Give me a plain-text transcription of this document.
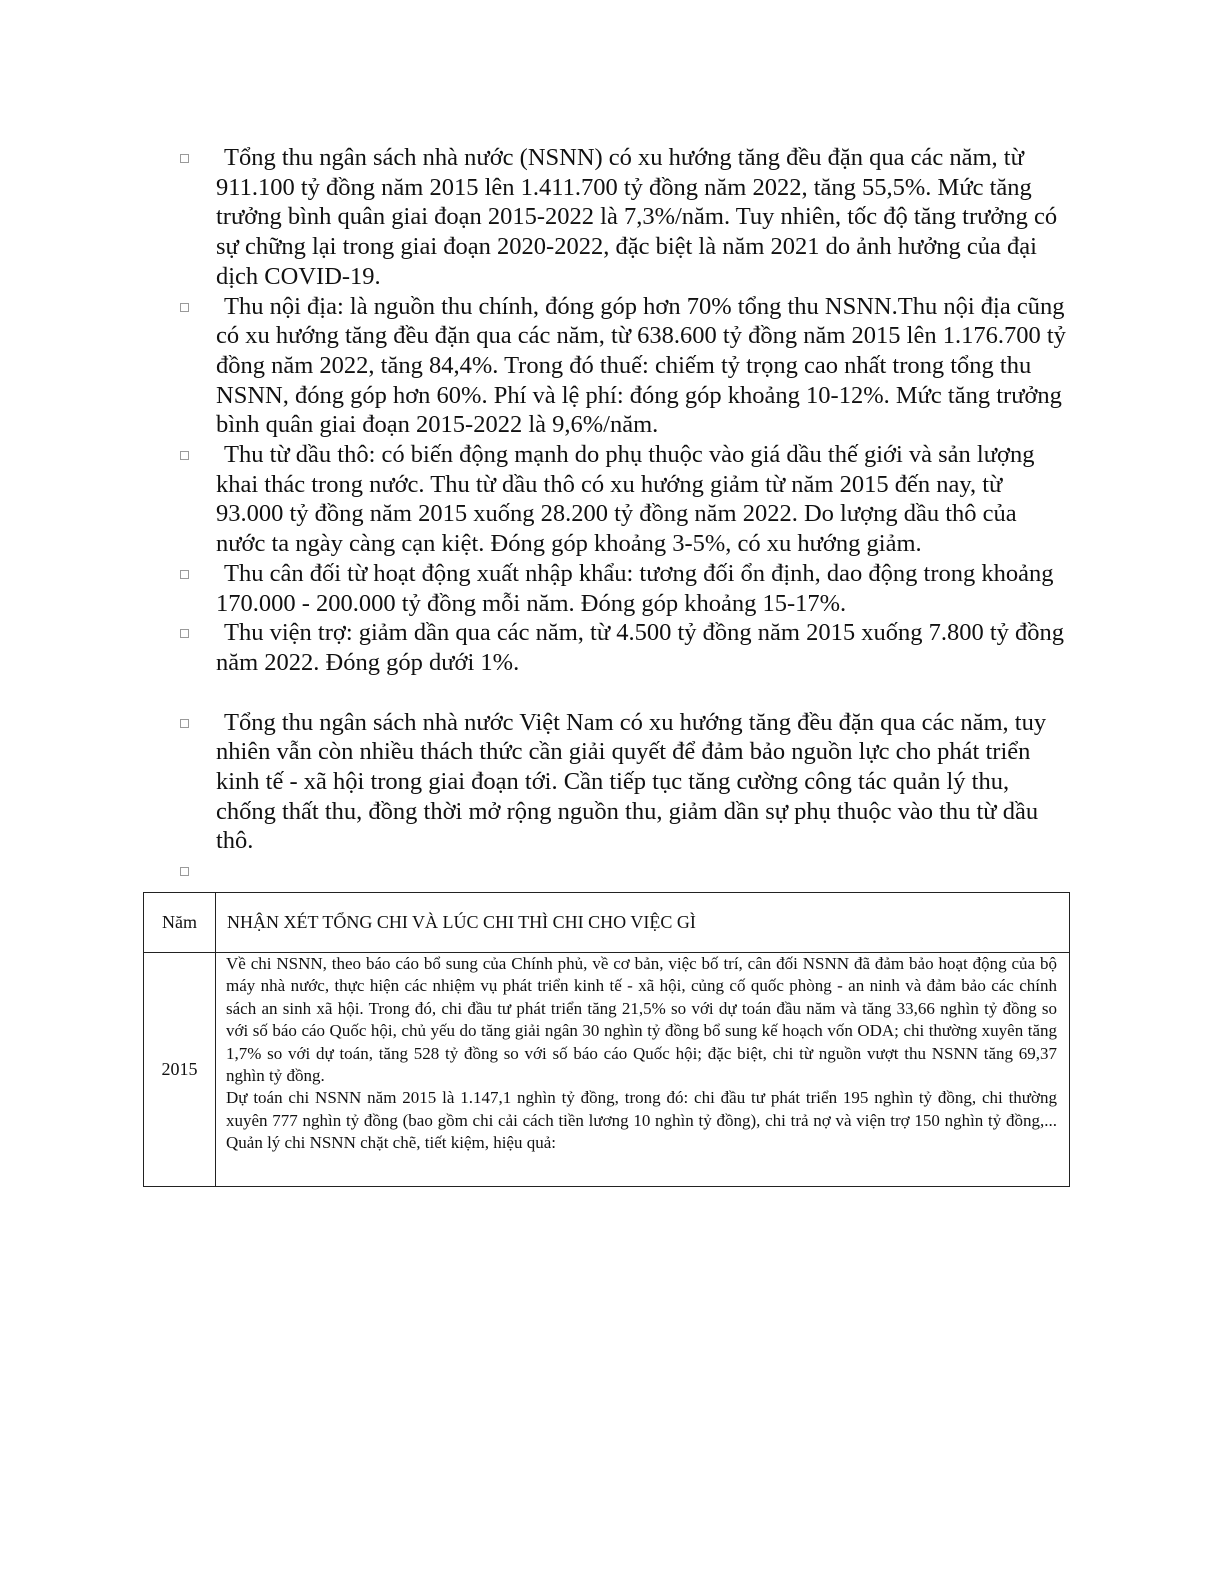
Tổng thu ngân sách nhà nước (NSNN) có xu hướng tăng đều đặn qua các năm, từ 911.100 tỷ đồng năm 2015 lên 1.411.700 tỷ đồng năm 2022, tăng 55,5%. Mức tăng trưởng bình quân giai đoạn 2015-2022 là 7,3%/năm. Tuy nhiên, tốc độ tăng trưởng có sự chững lại trong giai đoạn 2020-2022, đặc biệt là năm 2021 do ảnh hưởng của đại dịch COVID-19.
Thu nội địa: là nguồn thu chính, đóng góp hơn 70% tổng thu NSNN.Thu nội địa cũng có xu hướng tăng đều đặn qua các năm, từ 638.600 tỷ đồng năm 2015 lên 1.176.700 tỷ đồng năm 2022, tăng 84,4%. Trong đó thuế: chiếm tỷ trọng cao nhất trong tổng thu NSNN, đóng góp hơn 60%. Phí và lệ phí: đóng góp khoảng 10-12%. Mức tăng trưởng bình quân giai đoạn 2015-2022 là 9,6%/năm.
Thu từ dầu thô: có biến động mạnh do phụ thuộc vào giá dầu thế giới và sản lượng khai thác trong nước. Thu từ dầu thô có xu hướng giảm từ năm 2015 đến nay, từ 93.000 tỷ đồng năm 2015 xuống 28.200 tỷ đồng năm 2022. Do lượng dầu thô của nước ta ngày càng cạn kiệt. Đóng góp khoảng 3-5%, có xu hướng giảm.
Thu cân đối từ hoạt động xuất nhập khẩu: tương đối ổn định, dao động trong khoảng 170.000 - 200.000 tỷ đồng mỗi năm. Đóng góp khoảng 15-17%.
Thu viện trợ: giảm dần qua các năm, từ 4.500 tỷ đồng năm 2015 xuống 7.800 tỷ đồng năm 2022. Đóng góp dưới 1%.
Tổng thu ngân sách nhà nước Việt Nam có xu hướng tăng đều đặn qua các năm, tuy nhiên vẫn còn nhiều thách thức cần giải quyết để đảm bảo nguồn lực cho phát triển kinh tế - xã hội trong giai đoạn tới. Cần tiếp tục tăng cường công tác quản lý thu, chống thất thu, đồng thời mở rộng nguồn thu, giảm dần sự phụ thuộc vào thu từ dầu thô.
Năm	NHẬN XÉT TỔNG CHI VÀ LÚC CHI THÌ CHI CHO VIỆC GÌ
2015	Về chi NSNN, theo báo cáo bổ sung của Chính phủ, về cơ bản, việc bố trí, cân đối NSNN đã đảm bảo hoạt động của bộ máy nhà nước, thực hiện các nhiệm vụ phát triển kinh tế - xã hội, củng cố quốc phòng - an ninh và đảm bảo các chính sách an sinh xã hội. Trong đó, chi đầu tư phát triển tăng 21,5% so với dự toán đầu năm và tăng 33,66 nghìn tỷ đồng so với số báo cáo Quốc hội, chủ yếu do tăng giải ngân 30 nghìn tỷ đồng bổ sung kế hoạch vốn ODA; chi thường xuyên tăng 1,7% so với dự toán, tăng 528 tỷ đồng so với số báo cáo Quốc hội; đặc biệt, chi từ nguồn vượt thu NSNN tăng 69,37 nghìn tỷ đồng.

Dự toán chi NSNN năm 2015 là 1.147,1 nghìn tỷ đồng, trong đó: chi đầu tư phát triển 195 nghìn tỷ đồng, chi thường xuyên 777 nghìn tỷ đồng (bao gồm chi cải cách tiền lương 10 nghìn tỷ đồng), chi trả nợ và viện trợ 150 nghìn tỷ đồng,... Quản lý chi NSNN chặt chẽ, tiết kiệm, hiệu quả:
